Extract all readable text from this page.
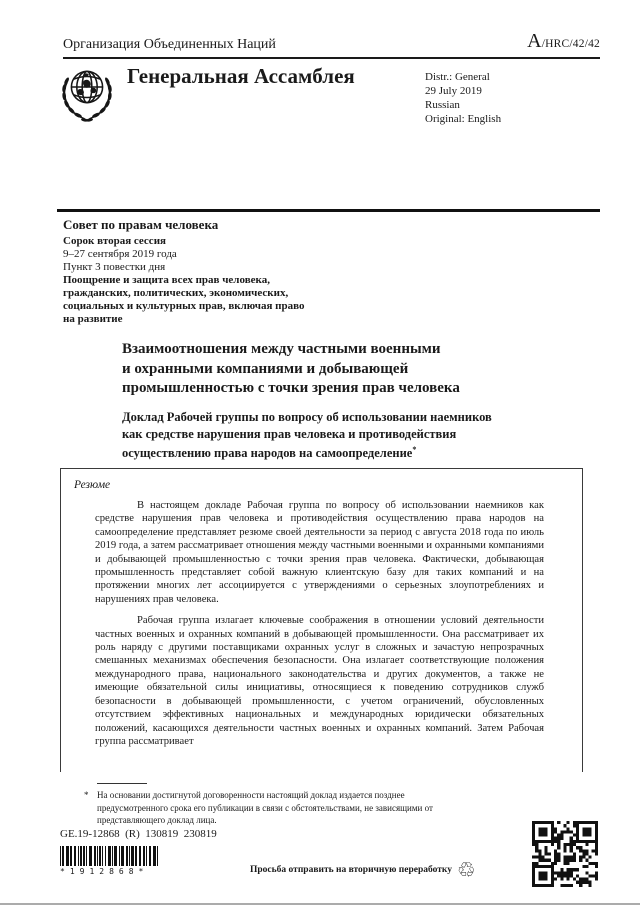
Организация Объединенных Наций	A/HRC/42/42
Генеральная Ассамблея	Distr.: General
29 July 2019
Russian
Original: English
Совет по правам человека
Сорок вторая сессия
9–27 сентября 2019 года
Пункт 3 повестки дня
Поощрение и защита всех прав человека, гражданских, политических, экономических, социальных и культурных прав, включая право на развитие
Взаимоотношения между частными военными
и охранными компаниями и добывающей
промышленностью с точки зрения прав человека
Доклад Рабочей группы по вопросу об использовании наемников
как средстве нарушения прав человека и противодействия
осуществлению права народов на самоопределение*
Резюме

В настоящем докладе Рабочая группа по вопросу об использовании наемников как средстве нарушения прав человека и противодействия осуществлению права народов на самоопределение представляет резюме своей деятельности за период с августа 2018 года по июль 2019 года, а затем рассматривает отношения между частными военными и охранными компаниями и добывающей промышленностью с точки зрения прав человека. Фактически, добывающая промышленность представляет собой важную клиентскую базу для таких компаний и на протяжении многих лет ассоциируется с утверждениями о серьезных злоупотреблениях и нарушениях прав человека.

Рабочая группа излагает ключевые соображения в отношении условий деятельности частных военных и охранных компаний в добывающей промышленности. Она рассматривает их роль наряду с другими поставщиками охранных услуг в сложных и зачастую непрозрачных смешанных механизмах обеспечения безопасности. Она излагает соответствующие положения международного права, национального законодательства и других документов, а также не имеющие обязательной силы инициативы, относящиеся к поведению сотрудников служб безопасности в добывающей промышленности, с учетом ограничений, обусловленных отсутствием эффективных национальных и международных юридически обязательных положений, касающихся деятельности частных военных и охранных компаний. Затем Рабочая группа рассматривает

* На основании достигнутой договоренности настоящий доклад издается позднее предусмотренного срока его публикации в связи с обстоятельствами, не зависящими от представляющего доклад лица.
GE.19-12868  (R)  130819  230819
*1912868*	Просьба отправить на вторичную переработку ♲
